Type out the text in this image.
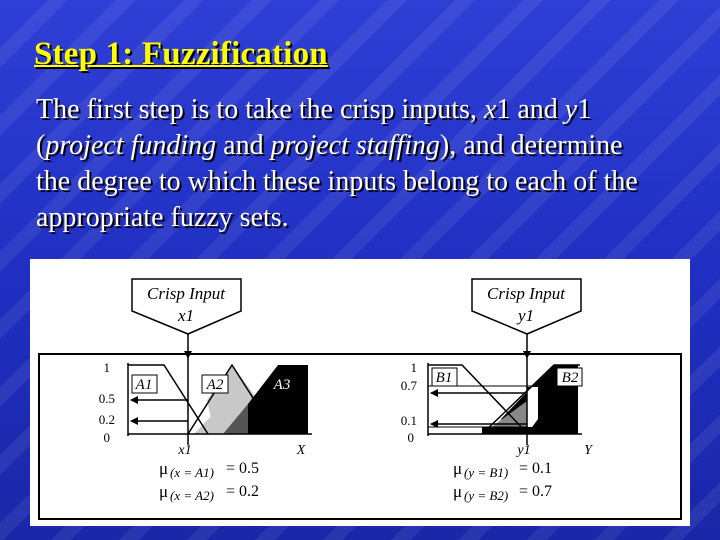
Step 1: Fuzzification
The first step is to take the crisp inputs, x1 and y1
(project funding and project staffing), and determine
the degree to which these inputs belong to each of the
appropriate fuzzy sets.
Crisp Input
x1
A1	A2	A3
1
0.5
0.2
0
x1	X
μ (x = A1) = 0.5
μ (x = A2) = 0.2
Crisp Input
y1
B1	B2
1
0.7
0.1
0
y1	Y
μ (y = B1) = 0.1
μ (y = B2) = 0.7
